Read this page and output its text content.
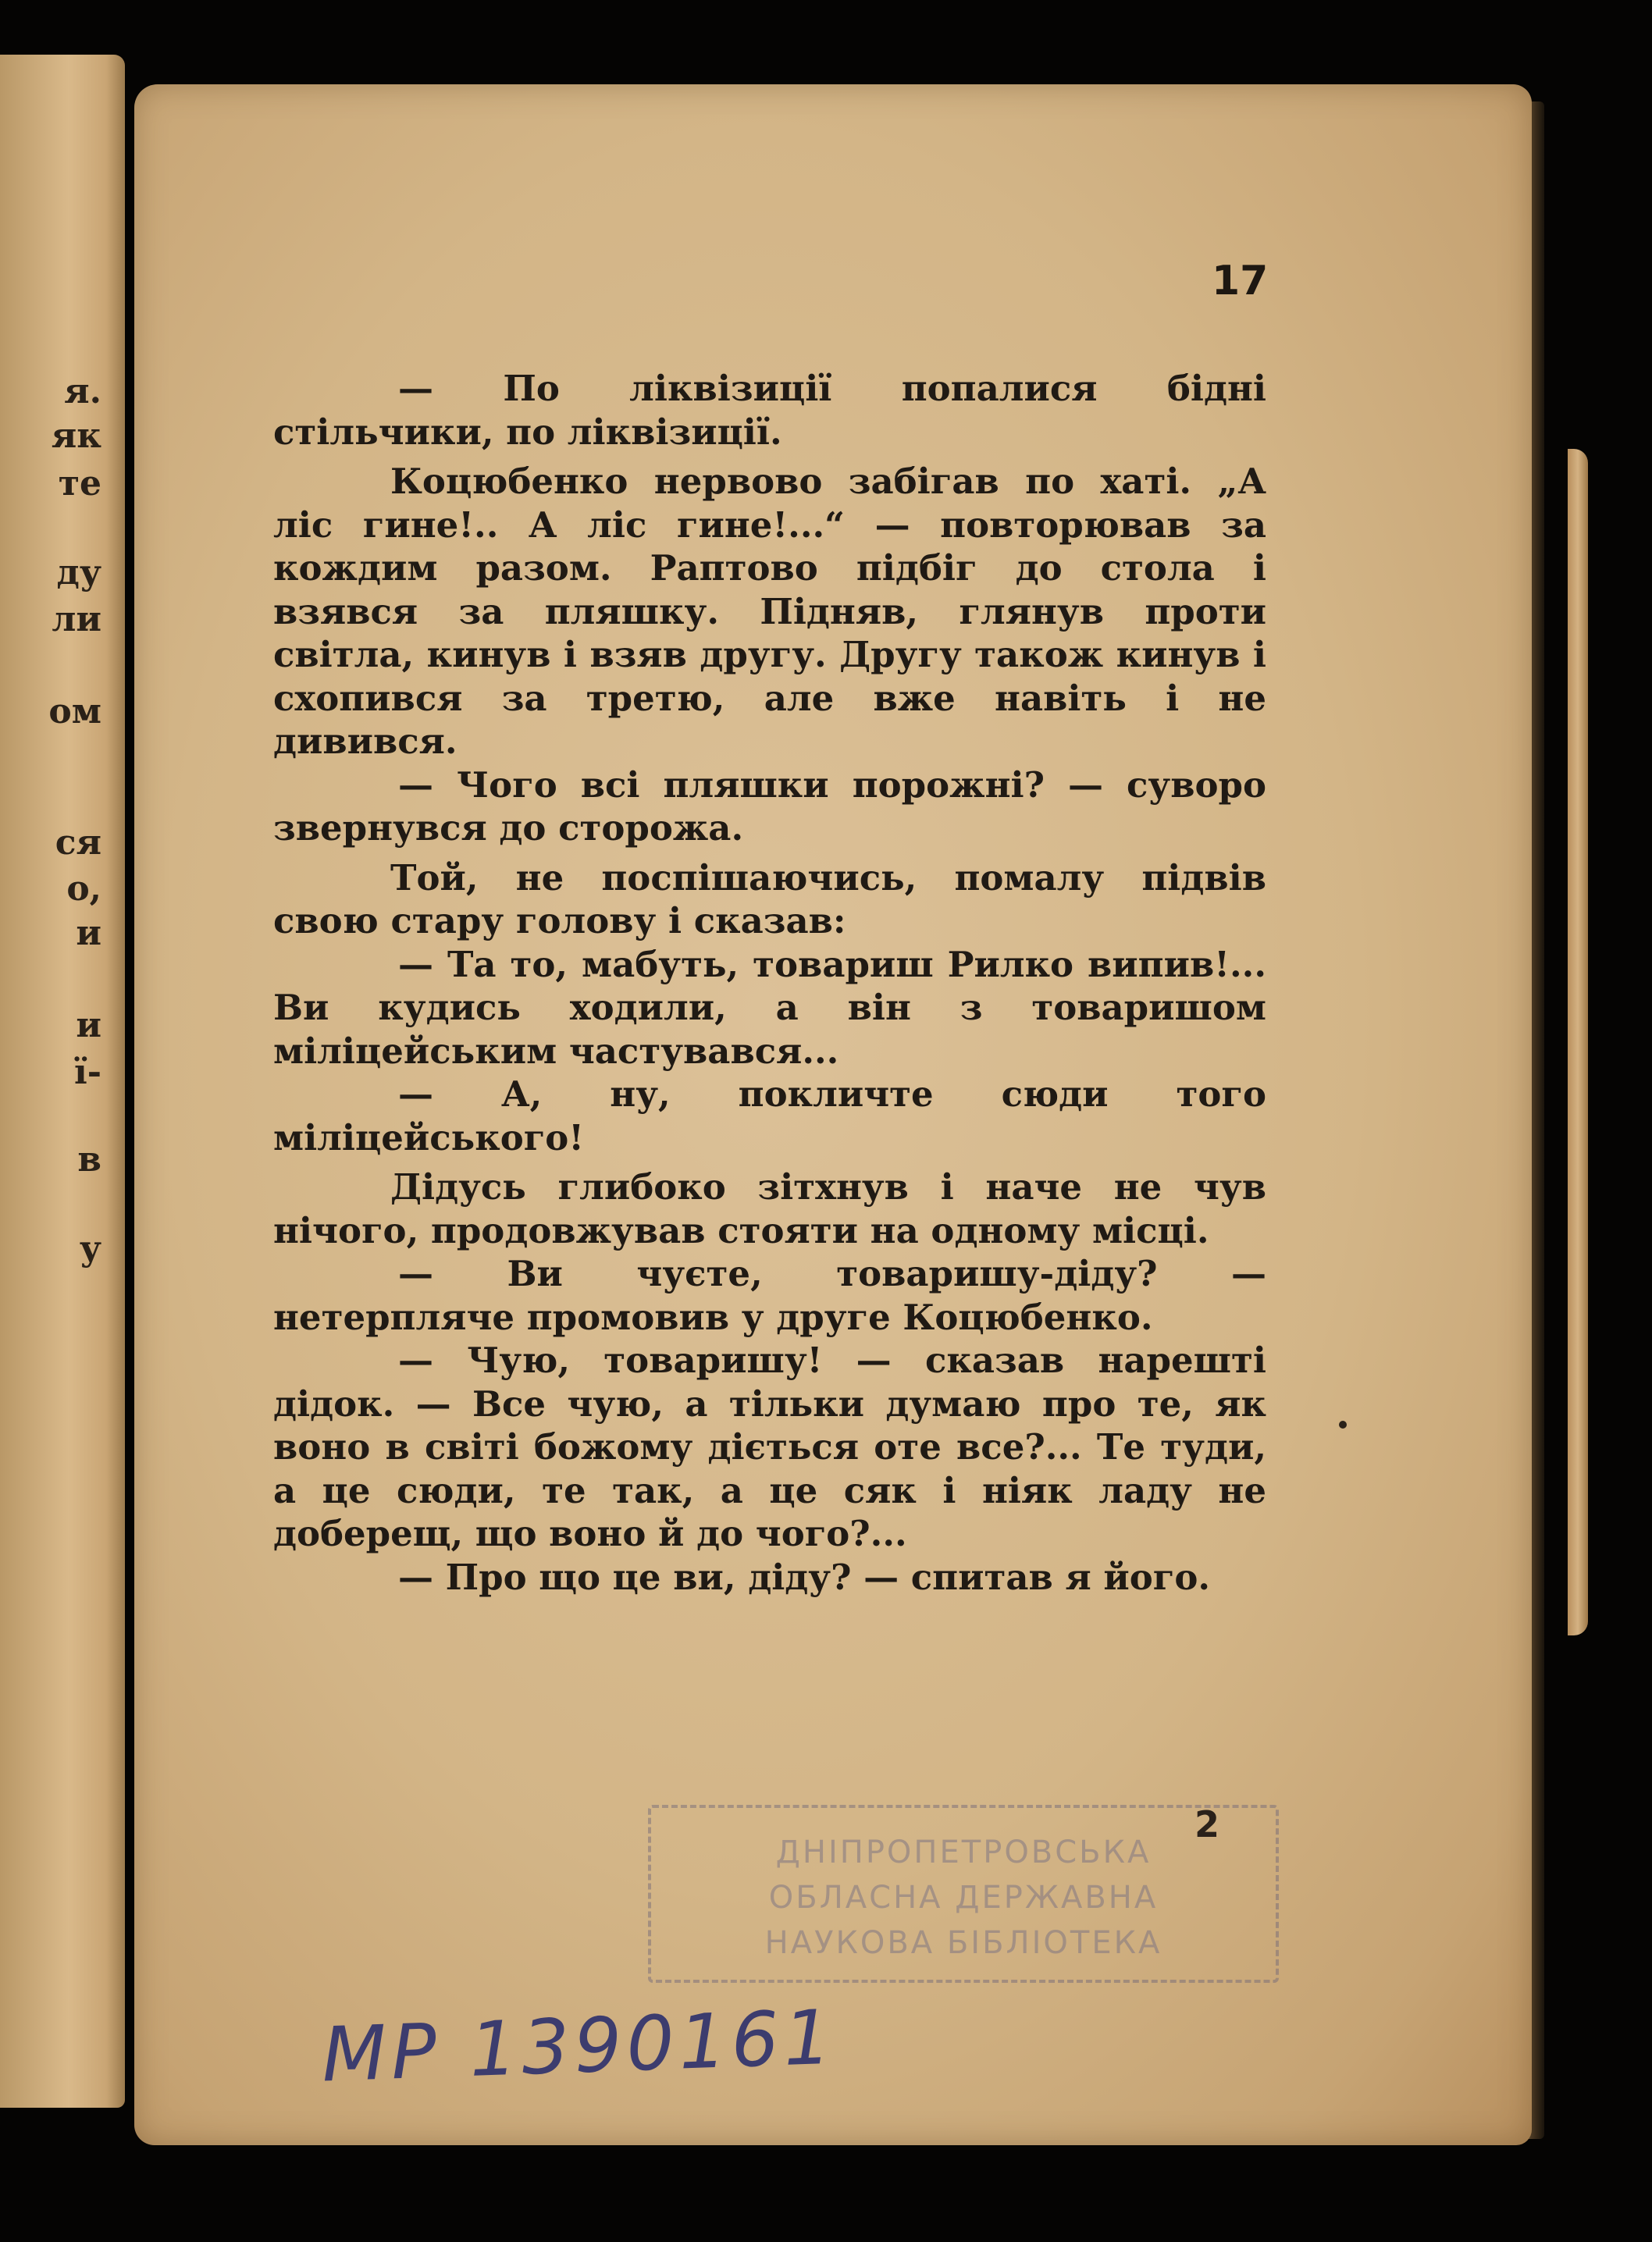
я.
як
те
ду
ли
ом
ся
о,
и
и
ї-
в
у
17

— По ліквізиції попалися бідні стільчики, по ліквізиції.

Коцюбенко нервово забігав по хаті. „А ліс гине!.. А ліс гине!...“ — повторював за кождим разом. Раптово підбіг до стола і взявся за пляшку. Підняв, глянув проти світла, кинув і взяв другу. Другу також кинув і схопився за третю, але вже навіть і не дивився.

— Чого всі пляшки порожні? — суворо звернувся до сторожа.

Той, не поспішаючись, помалу підвів свою стару голову і сказав:

— Та то, мабуть, товариш Рилко випив!... Ви кудись ходили, а він з товаришом міліцейським частувався...

— А, ну, покличте сюди того міліцейського!

Дідусь глибоко зітхнув і наче не чув нічого, продовжував стояти на одному місці.

— Ви чуєте, товаришу-діду? — нетерпляче промовив у друге Коцюбенко.

— Чую, товаришу! — сказав нарешті дідок. — Все чую, а тільки думаю про те, як воно в світі божому діється оте все?... Те туди, а це сюди, те так, а це сяк і ніяк ладу не доберещ, що воно й до чого?...

— Про що це ви, діду? — спитав я його.

ДНІПРОПЕТРОВСЬКА
ОБЛАСНА ДЕРЖАВНА
НАУКОВА БІБЛІОТЕКА
2
МР 1390161
